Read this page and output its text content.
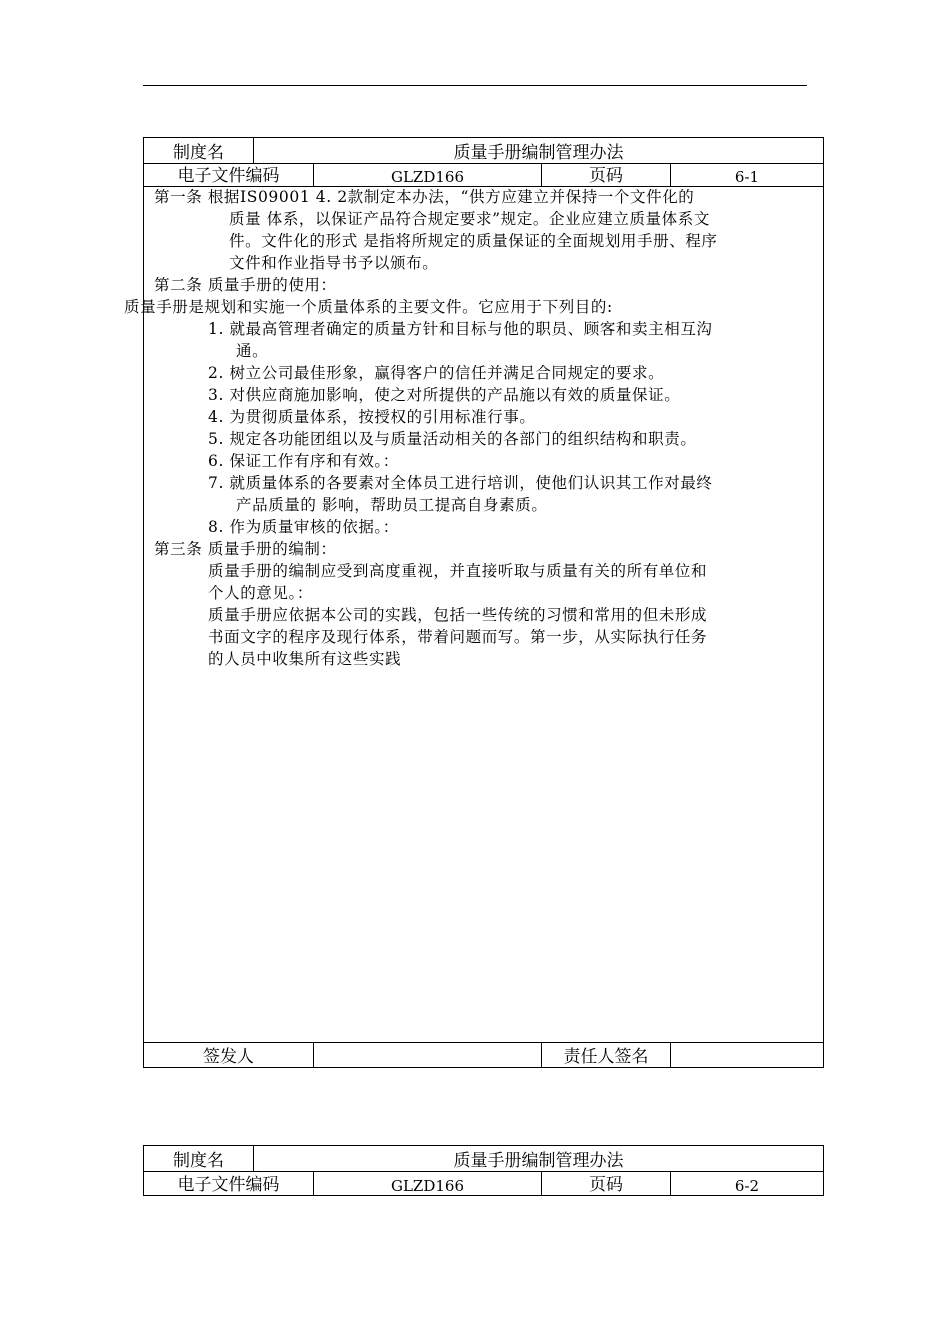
制度名	质量手册编制管理办法
电子文件编码	GLZD166	页码	6-1
第一条 根据IS09001 4. 2款制定本办法，“供方应建立并保持一个文件化的
质量 体系，以保证产品符合规定要求”规定。企业应建立质量体系文
件。文件化的形式 是指将所规定的质量保证的全面规划用手册、程序
文件和作业指导书予以颁布。
第二条 质量手册的使用：
质量手册是规划和实施一个质量体系的主要文件。它应用于下列目的:
1. 就最高管理者确定的质量方针和目标与他的职员、顾客和卖主相互沟
通。
2. 树立公司最佳形象，赢得客户的信任并满足合同规定的要求。
3. 对供应商施加影响，使之对所提供的产品施以有效的质量保证。
4. 为贯彻质量体系，按授权的引用标准行事。
5. 规定各功能团组以及与质量活动相关的各部门的组织结构和职责。
6. 保证工作有序和有效。：
7. 就质量体系的各要素对全体员工进行培训，使他们认识其工作对最终
产品质量的 影响，帮助员工提高自身素质。
8. 作为质量审核的依据。：
第三条 质量手册的编制：
质量手册的编制应受到高度重视，并直接听取与质量有关的所有单位和
个人的意见。：
质量手册应依据本公司的实践，包括一些传统的习惯和常用的但未形成
书面文字的程序及现行体系，带着问题而写。第一步，从实际执行任务
的人员中收集所有这些实践
签发人	责任人签名
制度名	质量手册编制管理办法
电子文件编码	GLZD166	页码	6-2
